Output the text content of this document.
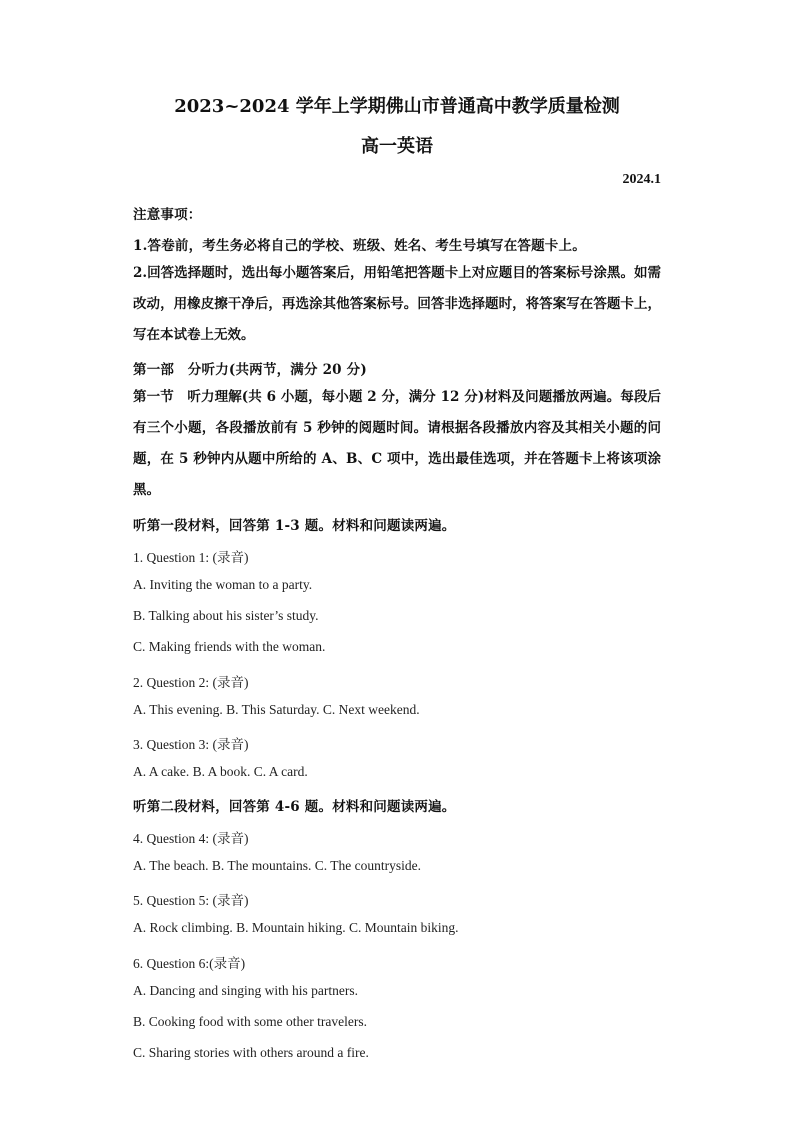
2023~2024 学年上学期佛山市普通高中教学质量检测
高一英语
2024.1
注意事项：
1.答卷前，考生务必将自己的学校、班级、姓名、考生号填写在答题卡上。
2.回答选择题时，选出每小题答案后，用铅笔把答题卡上对应题目的答案标号涂黑。如需改动，用橡皮擦干净后，再选涂其他答案标号。回答非选择题时，将答案写在答题卡上，写在本试卷上无效。
第一部　分听力(共两节，满分 20 分)
第一节　听力理解(共 6 小题，每小题 2 分，满分 12 分)材料及问题播放两遍。每段后有三个小题，各段播放前有 5 秒钟的阅题时间。请根据各段播放内容及其相关小题的问题，在 5 秒钟内从题中所给的 A、B、C 项中，选出最佳选项，并在答题卡上将该项涂黑。
听第一段材料，回答第 1-3 题。材料和问题读两遍。
1. Question 1: (录音)
A. Inviting the woman to a party.
B. Talking about his sister’s study.
C. Making friends with the woman.
2. Question 2: (录音)
A. This evening. B. This Saturday. C. Next weekend.
3. Question 3: (录音)
A. A cake. B. A book. C. A card.
听第二段材料，回答第 4-6 题。材料和问题读两遍。
4. Question 4: (录音)
A. The beach. B. The mountains. C. The countryside.
5. Question 5: (录音)
A. Rock climbing. B. Mountain hiking. C. Mountain biking.
6. Question 6:(录音)
A. Dancing and singing with his partners.
B. Cooking food with some other travelers.
C. Sharing stories with others around a fire.
